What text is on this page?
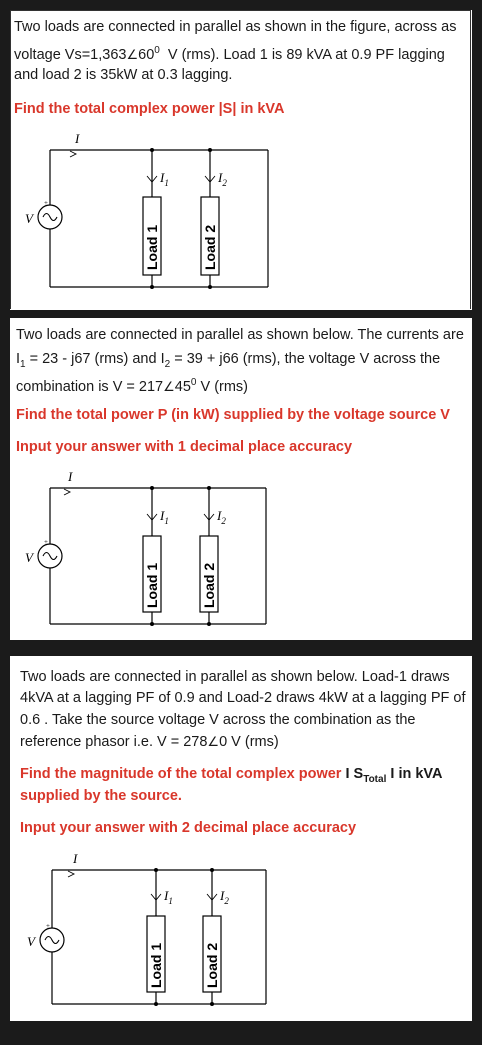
Two loads are connected in parallel as shown in the figure, across as
voltage $Vs=1,363\angle 60^0$ V (rms). Load 1 is 89 kVA at 0.9 PF lagging
and load 2 is 35kW at 0.3 lagging.
Find the total complex power |S| in kVA
+
V
I
$I_1$	$I_2$
Load 1	Load 2
Two loads are connected in parallel as shown below. The currents are
$I_1 = 23 - j67$ (rms) and $I_2 = 39 + j66$ (rms), the voltage V across the
combination is $V = 217\angle 45^0$ V (rms)
Find the total power P (in kW) supplied by the voltage source V
Input your answer with 1 decimal place accuracy
+
V
I
$I_1$	$I_2$
Load 1	Load 2
Two loads are connected in parallel as shown below. Load-1 draws
4kVA at a lagging PF of 0.9 and Load-2 draws 4kW at a lagging PF of
0.6 . Take the source voltage V across the combination as the
reference phasor i.e. V = 278∠0 V (rms)
Find the magnitude of the total complex power I $S_{Total}$ I in kVA
supplied by the source.
Input your answer with 2 decimal place accuracy
+
V
I
$I_1$	$I_2$
Load 1	Load 2
